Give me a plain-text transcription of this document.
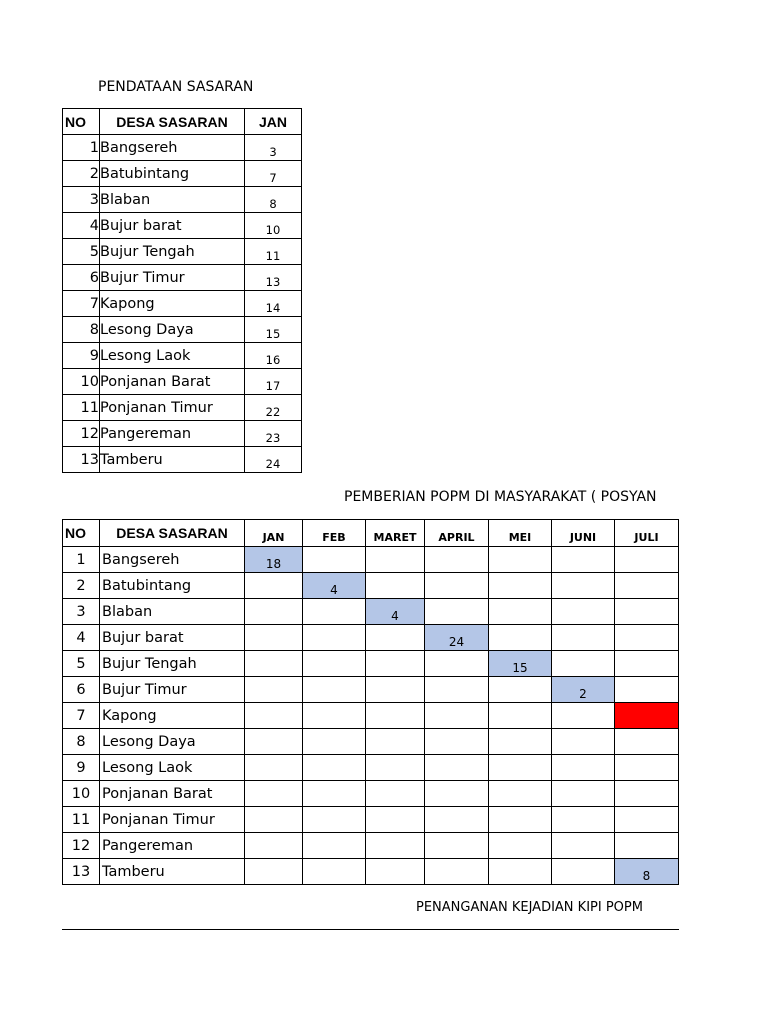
PENDATAAN SASARAN
NO	DESA SASARAN	JAN
1	Bangsereh	3
2	Batubintang	7
3	Blaban	8
4	Bujur barat	10
5	Bujur Tengah	11
6	Bujur Timur	13
7	Kapong	14
8	Lesong Daya	15
9	Lesong Laok	16
10	Ponjanan Barat	17
11	Ponjanan Timur	22
12	Pangereman	23
13	Tamberu	24
PEMBERIAN POPM DI MASYARAKAT ( POSYAN
NO	DESA SASARAN	JAN	FEB	MARET	APRIL	MEI	JUNI	JULI
1	Bangsereh	18						
2	Batubintang		4					
3	Blaban			4				
4	Bujur barat				24			
5	Bujur Tengah					15		
6	Bujur Timur						2	
7	Kapong							
8	Lesong Daya							
9	Lesong Laok							
10	Ponjanan Barat							
11	Ponjanan Timur							
12	Pangereman							
13	Tamberu							8
PENANGANAN KEJADIAN KIPI POPM
